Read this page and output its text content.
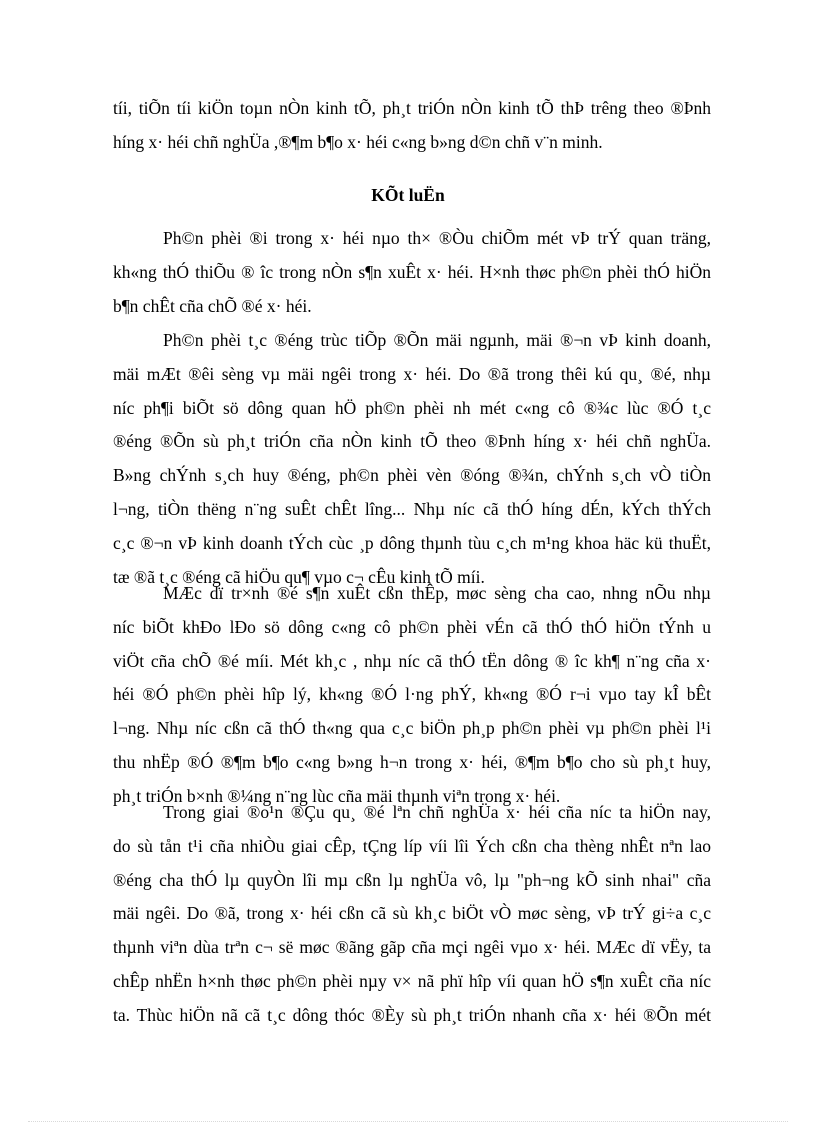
tíi, tiÕn tíi kiÖn toµn nÒn kinh tÕ, ph¸t triÓn nÒn kinh tÕ thÞ trêng theo ®Þnh
híng x· héi chñ nghÜa ,®¶m b¶o x· héi c«ng b»ng d©n chñ v¨n minh.
KÕt luËn
Ph©n phèi ®i trong x· héi nµo th× ®Òu chiÕm mét vÞ trÝ quan träng,
kh«ng thÓ thiÕu ® îc trong nÒn s¶n xuÊt x· héi. H×nh thøc ph©n phèi thÓ hiÖn
b¶n chÊt cña chÕ ®é x· héi.
Ph©n phèi t¸c ®éng trùc tiÕp ®Õn mäi ngµnh, mäi ®¬n vÞ kinh doanh,
mäi mÆt ®êi sèng vµ mäi ngêi trong x· héi. Do ®ã trong thêi kú qu¸ ®é, nhµ
níc ph¶i biÕt sö dông quan hÖ ph©n phèi nh mét c«ng cô ®¾c lùc ®Ó t¸c
®éng ®Õn sù ph¸t triÓn cña nÒn kinh tÕ theo ®Þnh híng x· héi chñ nghÜa.
B»ng chÝnh s¸ch huy ®éng, ph©n phèi vèn ®óng ®¾n, chÝnh s¸ch vÒ tiÒn
l¬ng, tiÒn thëng n¨ng suÊt chÊt lîng... Nhµ níc cã thÓ híng dÉn, kÝch thÝch
c¸c ®¬n vÞ kinh doanh tÝch cùc ¸p dông thµnh tùu c¸ch m¹ng khoa häc kü thuËt,
tæ ®ã t¸c ®éng cã hiÖu qu¶ vµo c¬ cÊu kinh tÕ míi.
MÆc dï tr×nh ®é s¶n xuÊt cßn thÊp, møc sèng cha cao, nhng nÕu nhµ
níc biÕt khÐo lÐo sö dông c«ng cô ph©n phèi vÉn cã thÓ thÓ hiÖn tÝnh u
viÖt cña chÕ ®é míi. Mét kh¸c , nhµ níc cã thÓ tËn dông ® îc kh¶ n¨ng cña x·
héi ®Ó ph©n phèi hîp lý, kh«ng ®Ó l·ng phÝ, kh«ng ®Ó r¬i vµo tay kÎ bÊt
l¬ng. Nhµ níc cßn cã thÓ th«ng qua c¸c biÖn ph¸p ph©n phèi vµ ph©n phèi l¹i
thu nhËp ®Ó ®¶m b¶o c«ng b»ng h¬n trong x· héi, ®¶m b¶o cho sù ph¸t huy,
ph¸t triÓn b×nh ®¼ng n¨ng lùc cña mäi thµnh viªn trong x· héi.
Trong giai ®o¹n ®Çu qu¸ ®é lªn chñ nghÜa x· héi cña níc ta hiÖn nay,
do sù tån t¹i cña nhiÒu giai cÊp, tÇng líp víi lîi Ých cßn cha thèng nhÊt nªn lao
®éng cha thÓ lµ quyÒn lîi mµ cßn lµ nghÜa vô, lµ "ph¬ng kÕ sinh nhai" cña
mäi ngêi. Do ®ã, trong x· héi cßn cã sù kh¸c biÖt vÒ møc sèng, vÞ trÝ gi÷a c¸c
thµnh viªn dùa trªn c¬ së møc ®ãng gãp cña mçi ngêi vµo x· héi. MÆc dï vËy, ta
chÊp nhËn h×nh thøc ph©n phèi nµy v× nã phï hîp víi quan hÖ s¶n xuÊt cña níc
ta. Thùc hiÖn nã cã t¸c dông thóc ®Èy sù ph¸t triÓn nhanh cña x· héi ®Õn mét
